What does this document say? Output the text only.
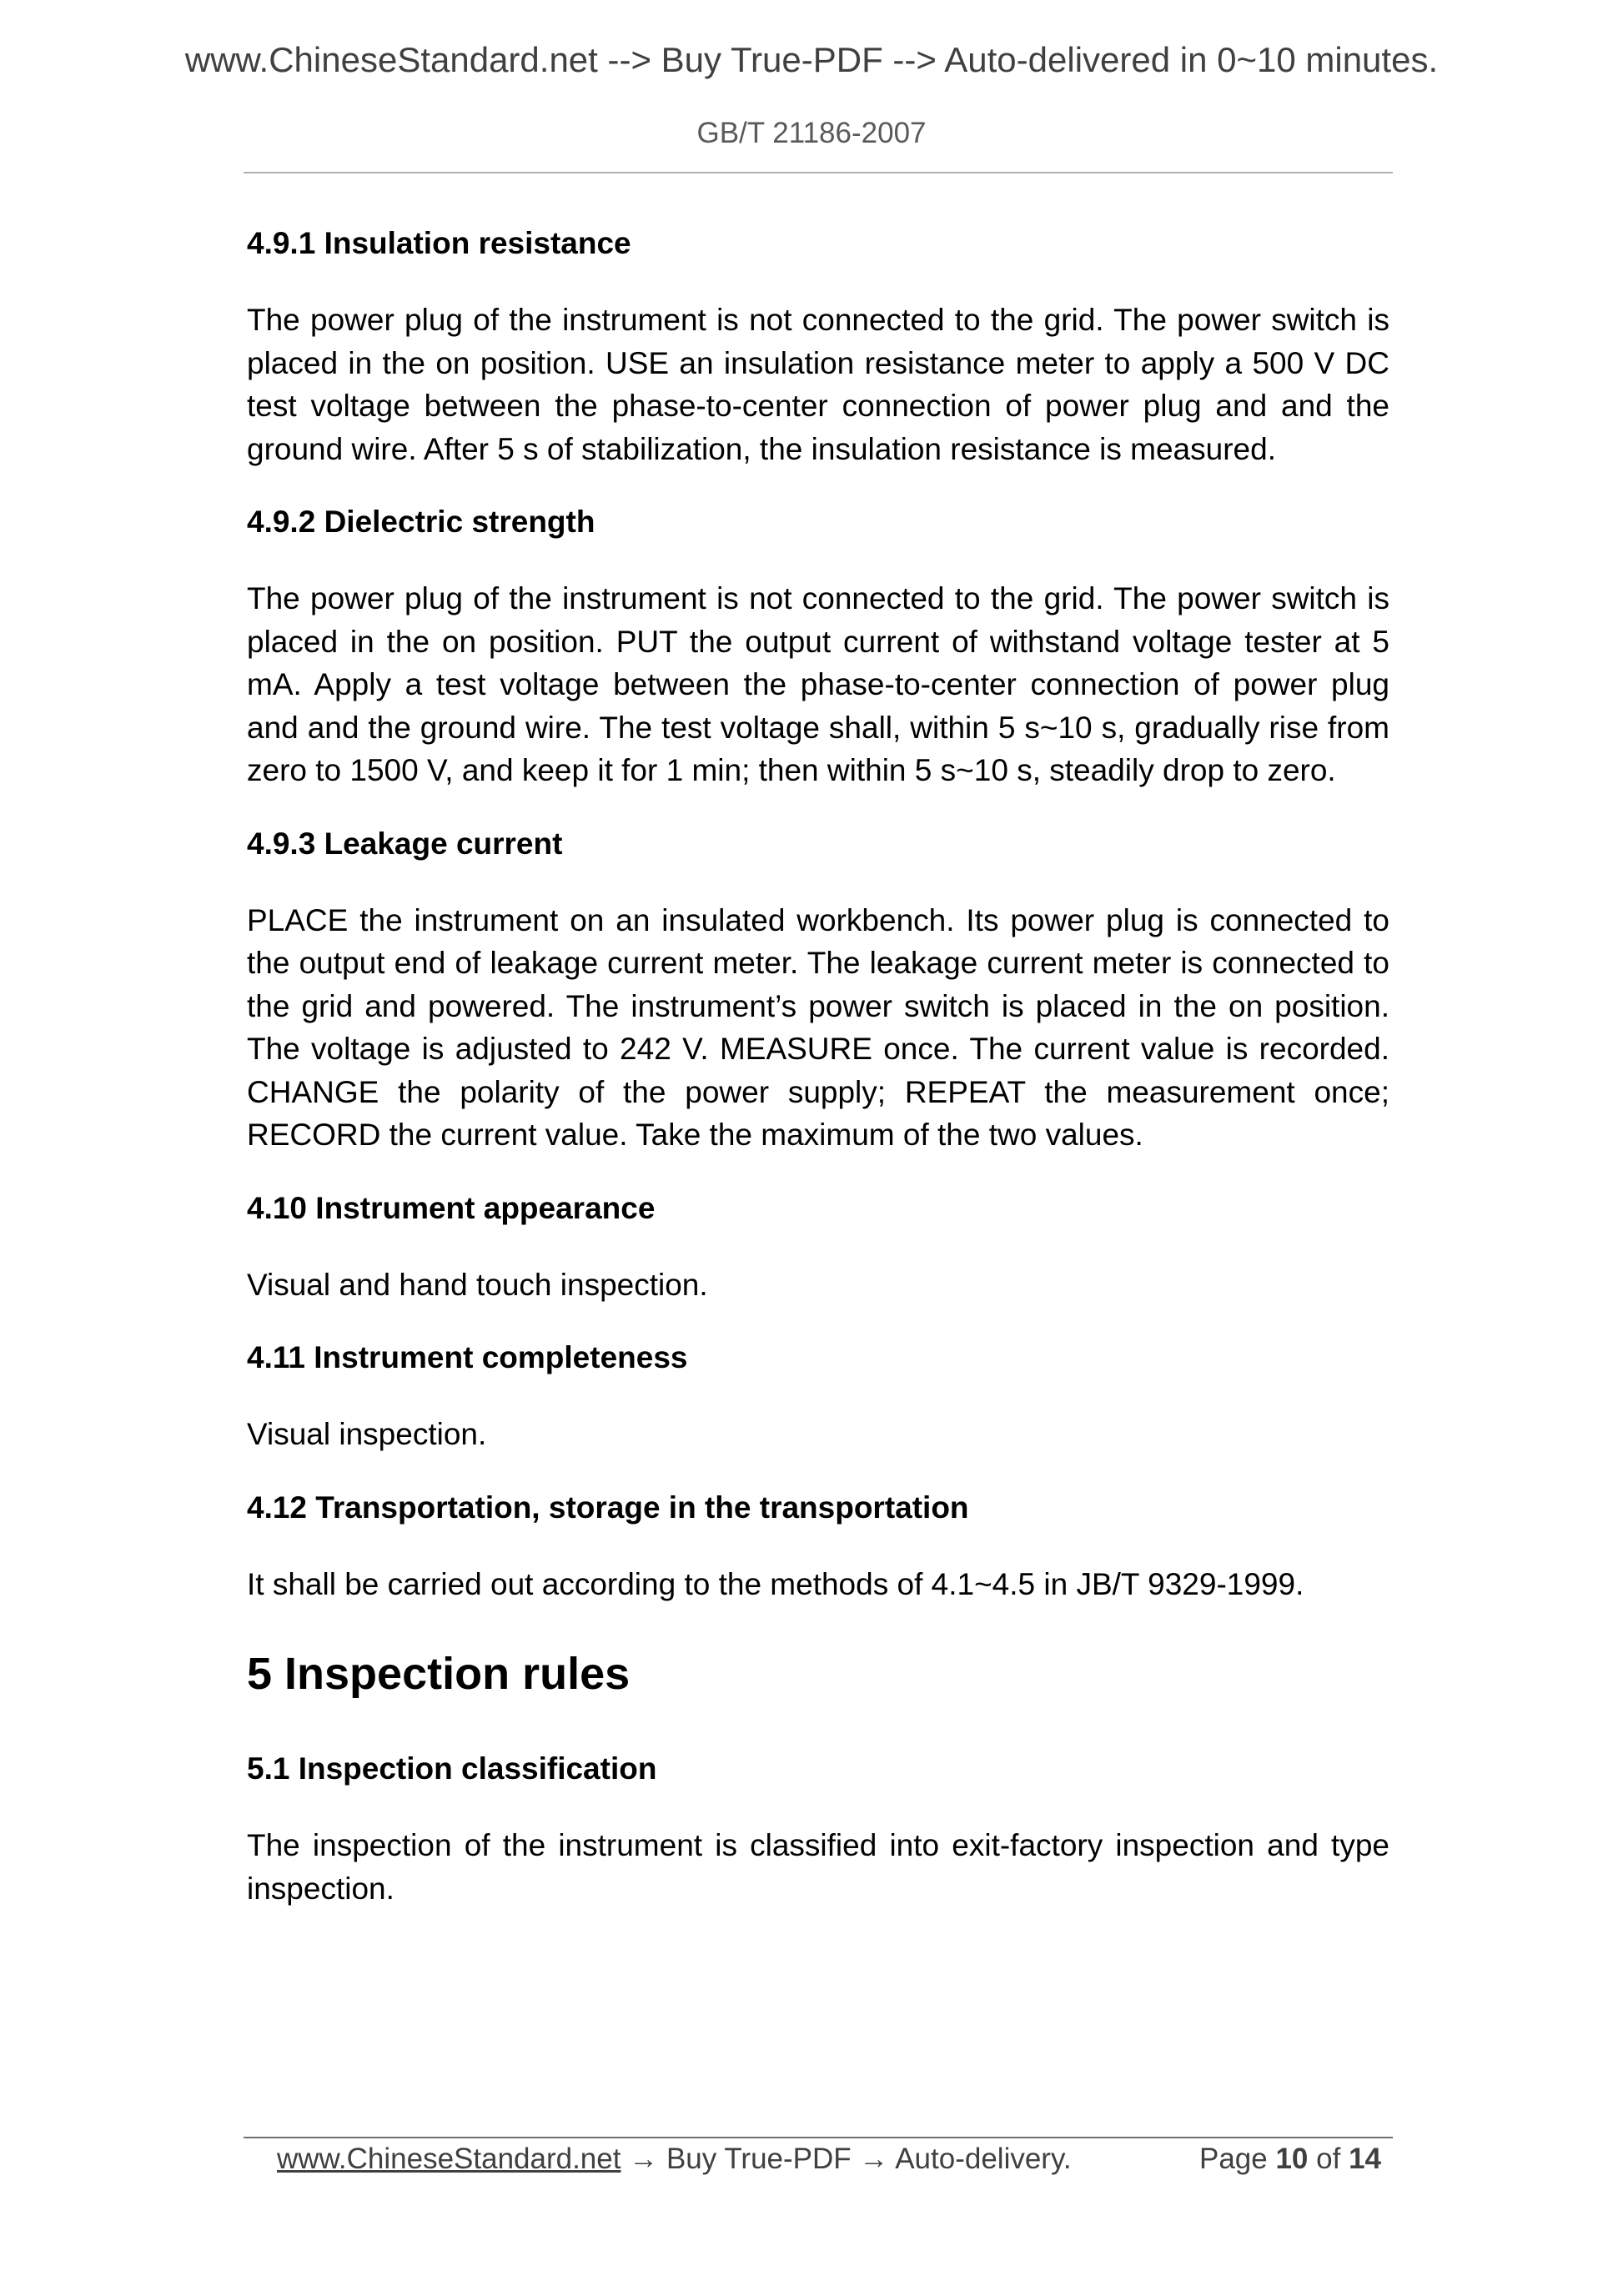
www.ChineseStandard.net --> Buy True-PDF --> Auto-delivered in 0~10 minutes.
GB/T 21186-2007
4.9.1 Insulation resistance
The power plug of the instrument is not connected to the grid. The power switch is placed in the on position. USE an insulation resistance meter to apply a 500 V DC test voltage between the phase-to-center connection of power plug and and the ground wire. After 5 s of stabilization, the insulation resistance is measured.
4.9.2 Dielectric strength
The power plug of the instrument is not connected to the grid. The power switch is placed in the on position. PUT the output current of withstand voltage tester at 5 mA. Apply a test voltage between the phase-to-center connection of power plug and and the ground wire. The test voltage shall, within 5 s~10 s, gradually rise from zero to 1500 V, and keep it for 1 min; then within 5 s~10 s, steadily drop to zero.
4.9.3 Leakage current
PLACE the instrument on an insulated workbench. Its power plug is connected to the output end of leakage current meter. The leakage current meter is connected to the grid and powered. The instrument’s power switch is placed in the on position. The voltage is adjusted to 242 V. MEASURE once. The current value is recorded. CHANGE the polarity of the power supply; REPEAT the measurement once; RECORD the current value. Take the maximum of the two values.
4.10 Instrument appearance
Visual and hand touch inspection.
4.11 Instrument completeness
Visual inspection.
4.12 Transportation, storage in the transportation
It shall be carried out according to the methods of 4.1~4.5 in JB/T 9329-1999.
5 Inspection rules
5.1 Inspection classification
The inspection of the instrument is classified into exit-factory inspection and type inspection.
www.ChineseStandard.net → Buy True-PDF → Auto-delivery.	Page 10 of 14
